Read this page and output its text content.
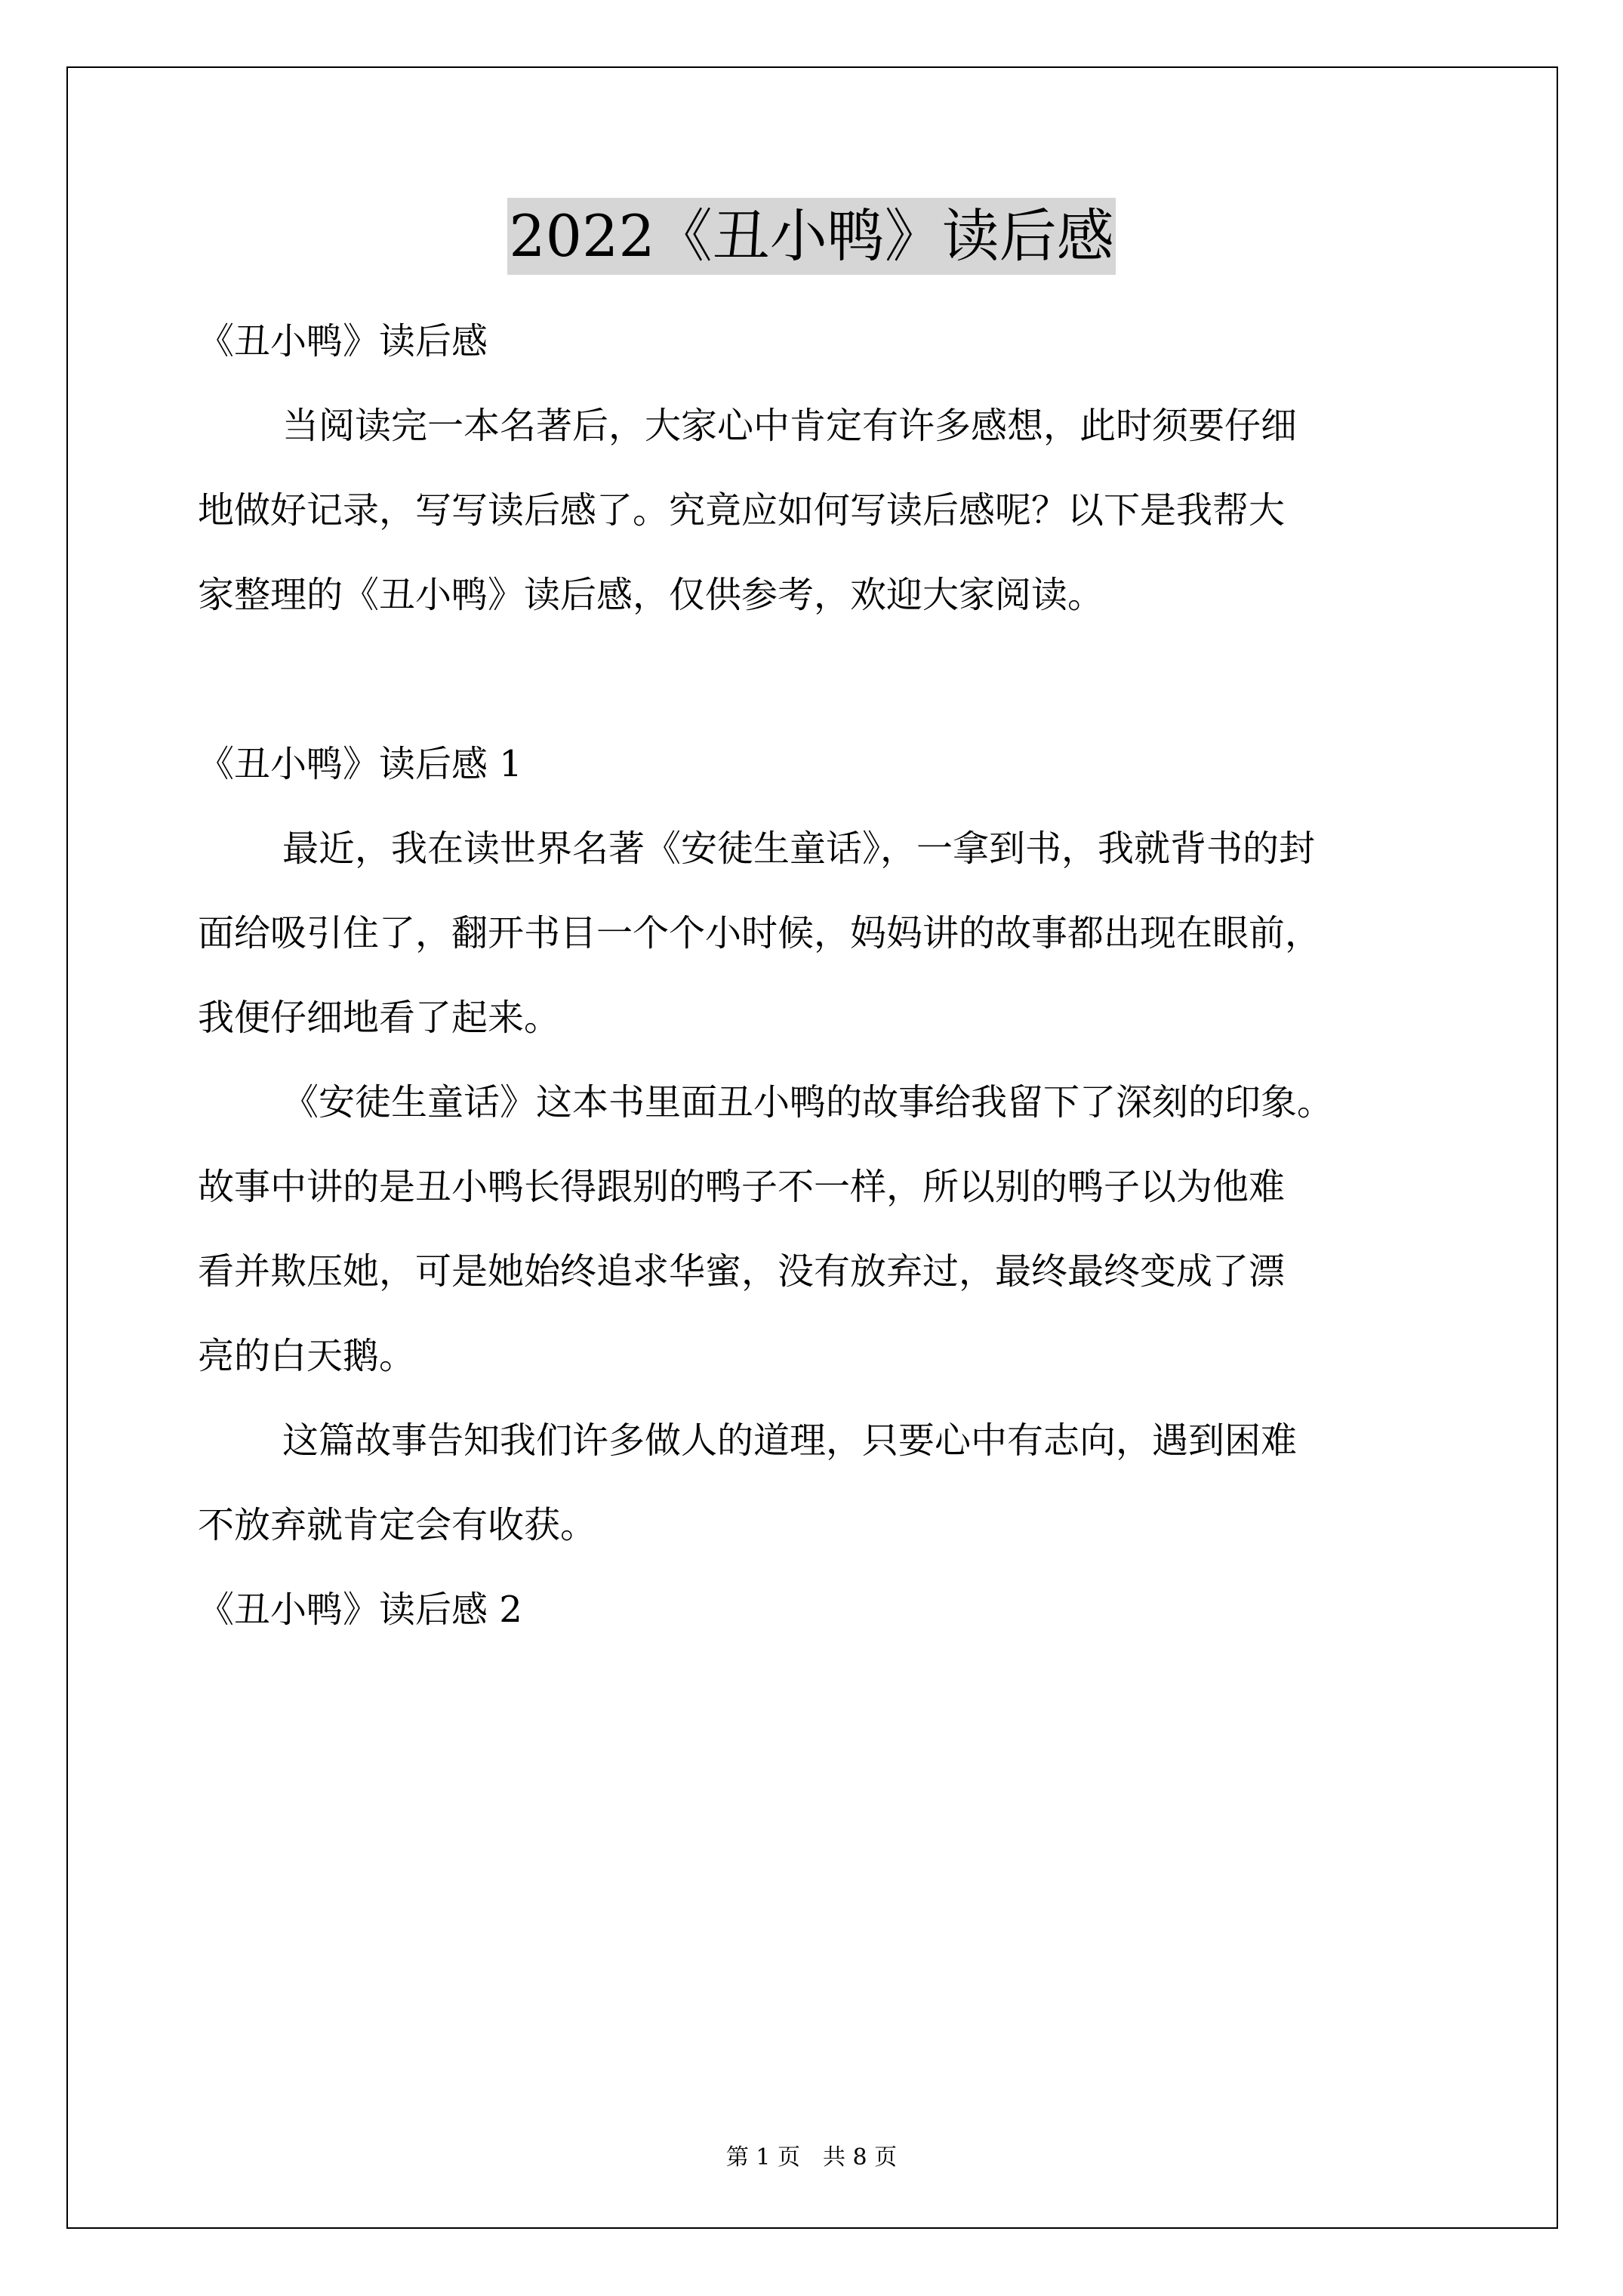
2022《丑小鸭》读后感
《丑小鸭》读后感
当阅读完一本名著后，大家心中肯定有许多感想，此时须要仔细
地做好记录，写写读后感了。究竟应如何写读后感呢？以下是我帮大
家整理的《丑小鸭》读后感，仅供参考，欢迎大家阅读。
《丑小鸭》读后感 1
最近，我在读世界名著《安徒生童话》，一拿到书，我就背书的封
面给吸引住了，翻开书目一个个小时候，妈妈讲的故事都出现在眼前，
我便仔细地看了起来。
《安徒生童话》这本书里面丑小鸭的故事给我留下了深刻的印象。
故事中讲的是丑小鸭长得跟别的鸭子不一样，所以别的鸭子以为他难
看并欺压她，可是她始终追求华蜜，没有放弃过，最终最终变成了漂
亮的白天鹅。
这篇故事告知我们许多做人的道理，只要心中有志向，遇到困难
不放弃就肯定会有收获。
《丑小鸭》读后感 2
第 1 页　共 8 页
